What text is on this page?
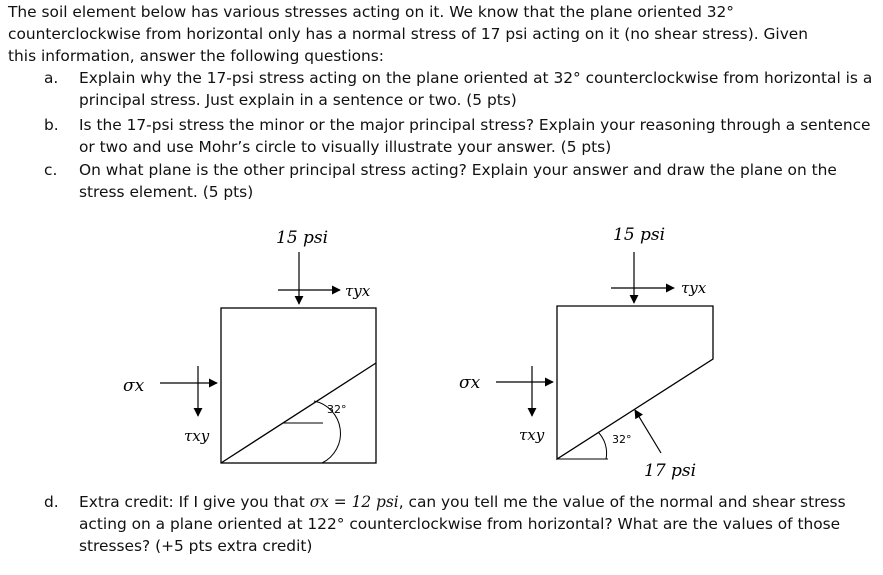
The soil element below has various stresses acting on it. We know that the plane oriented 32°
counterclockwise from horizontal only has a normal stress of 17 psi acting on it (no shear stress). Given
this information, answer the following questions:
a.	Explain why the 17-psi stress acting on the plane oriented at 32° counterclockwise from horizontal is a principal stress. Just explain in a sentence or two. (5 pts)
b.	Is the 17-psi stress the minor or the major principal stress? Explain your reasoning through a sentence or two and use Mohr’s circle to visually illustrate your answer. (5 pts)
c.	On what plane is the other principal stress acting? Explain your answer and draw the plane on the stress element. (5 pts)
15 psi
τyx
32°
σx
τxy
15 psi
τyx
32°
17 psi
σx
τxy
d.	Extra credit: If I give you that σx = 12 psi, can you tell me the value of the normal and shear stress acting on a plane oriented at 122° counterclockwise from horizontal? What are the values of those stresses? (+5 pts extra credit)
